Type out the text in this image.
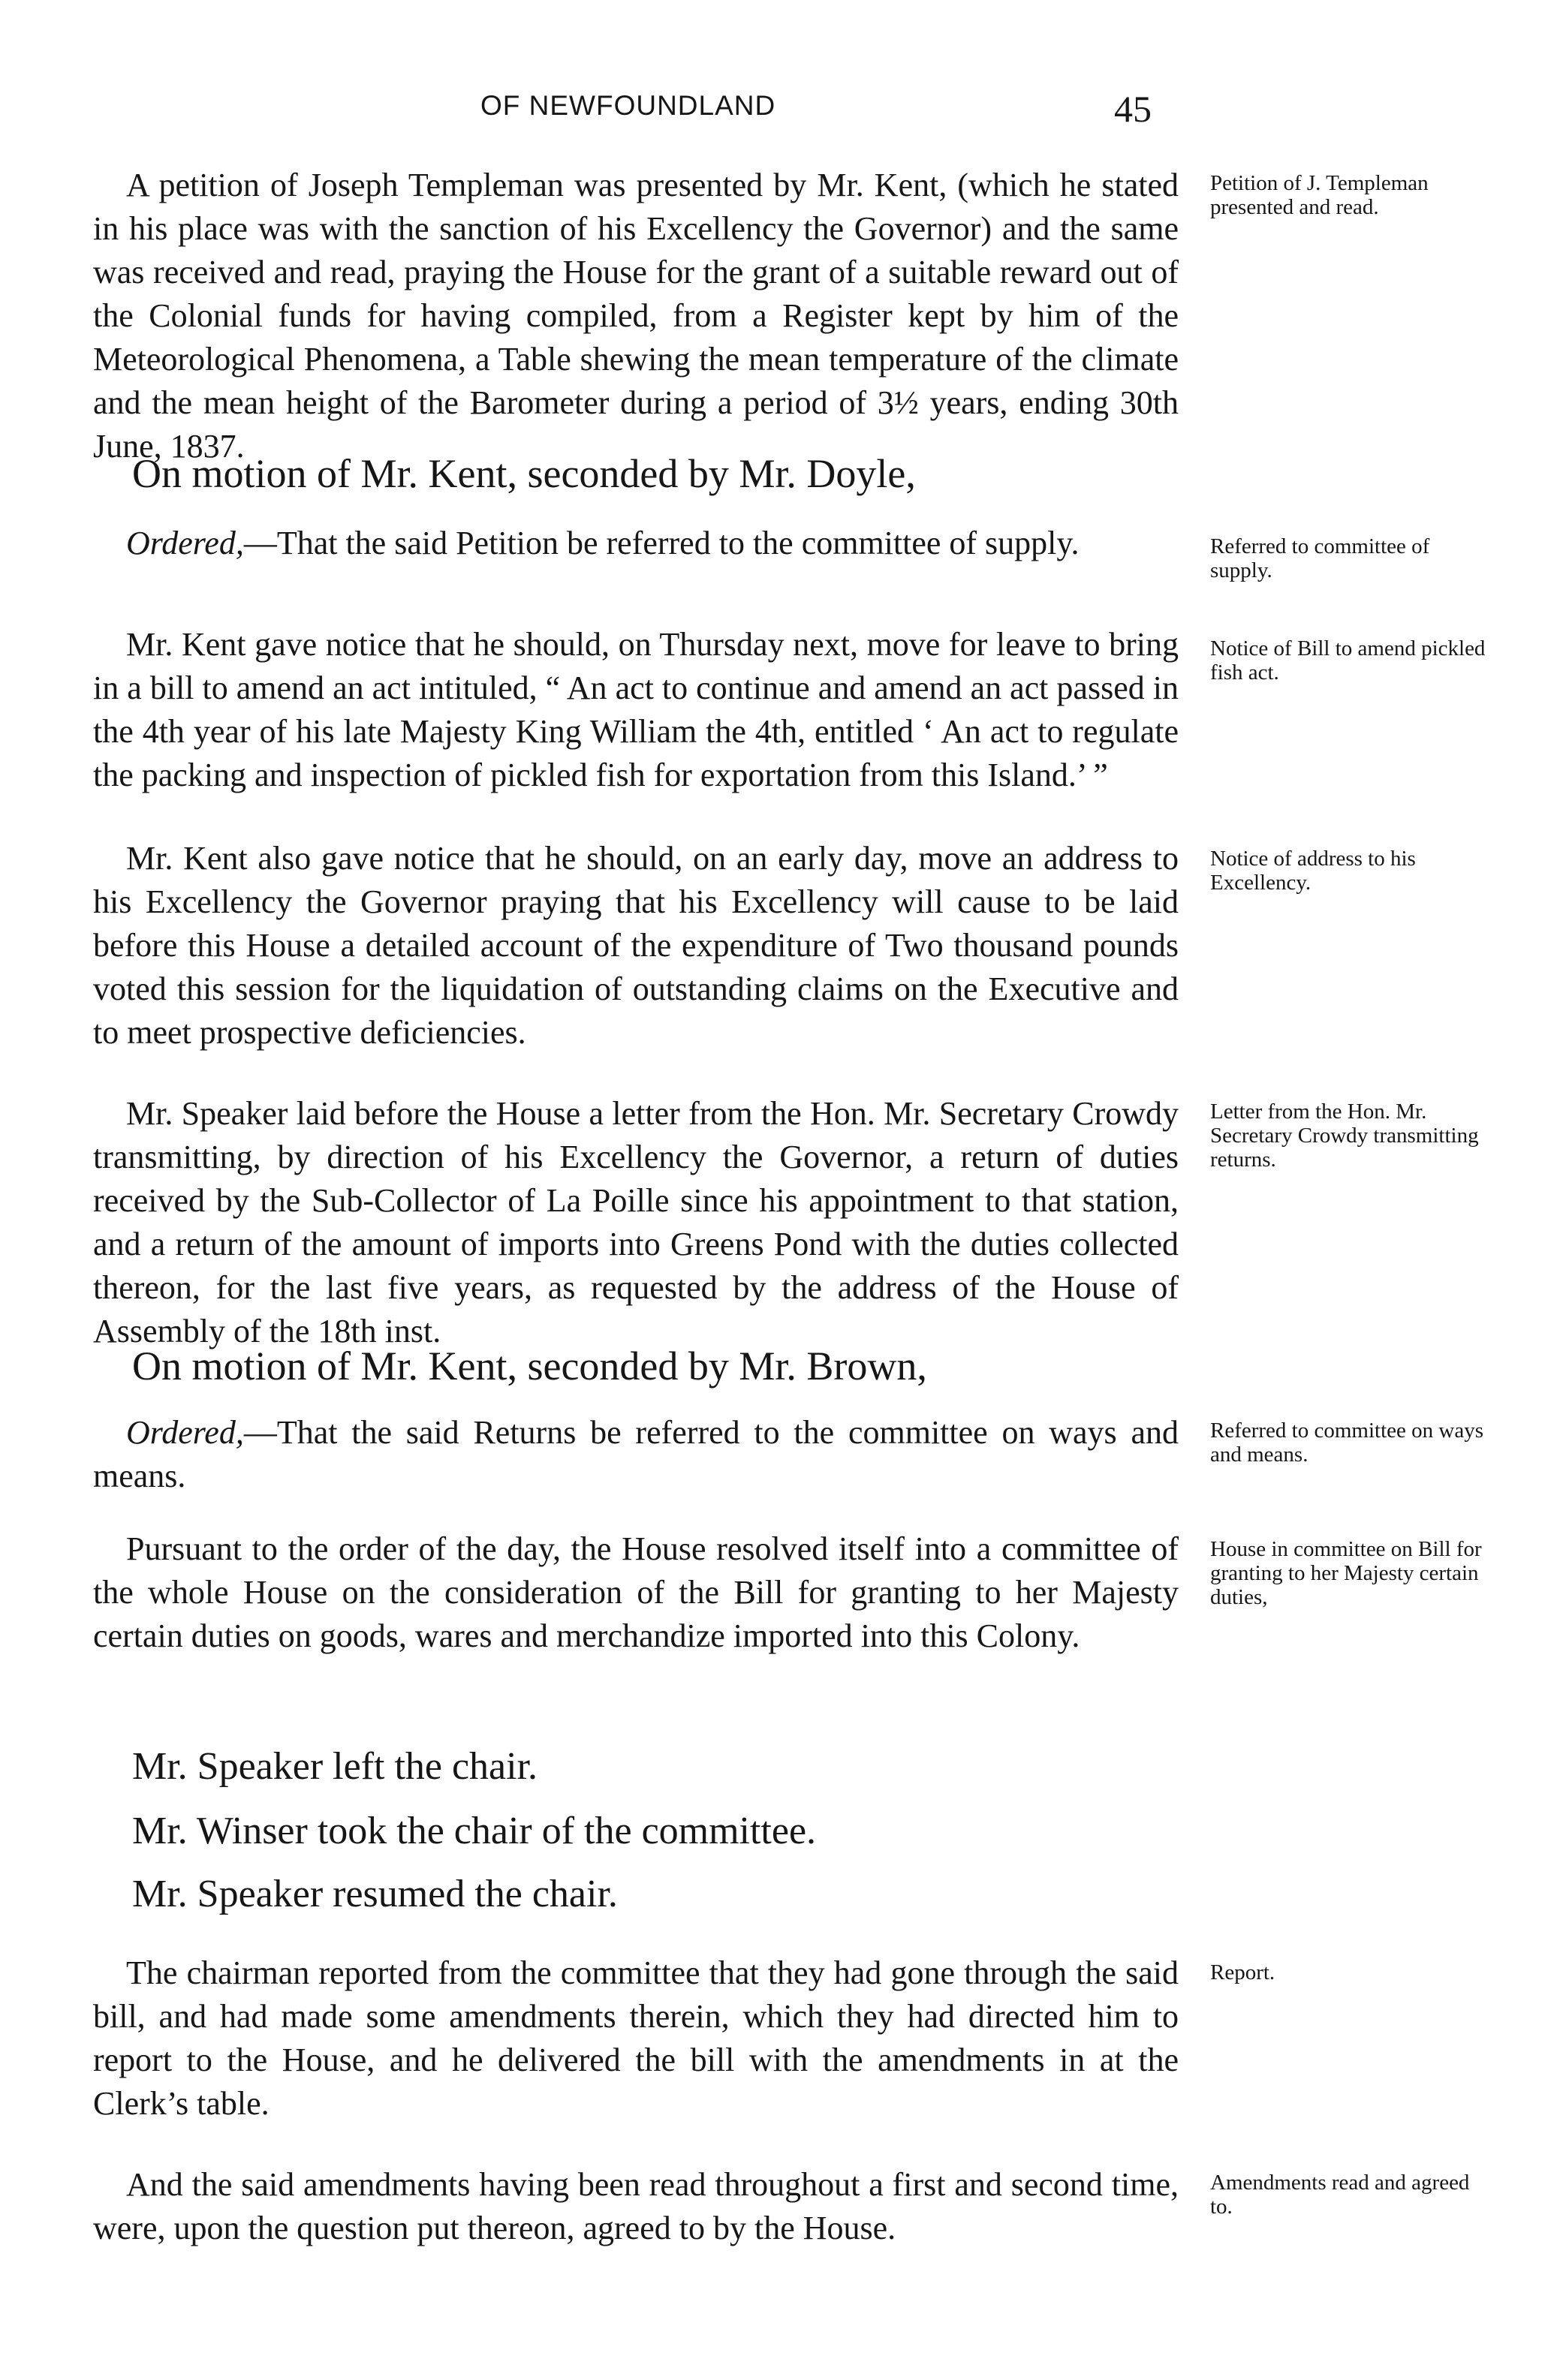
OF NEWFOUNDLAND	45

A petition of Joseph Templeman was presented by Mr. Kent, (which he stated in his place was with the sanction of his Excellency the Governor) and the same was received and read, praying the House for the grant of a suitable reward out of the Colonial funds for having compiled, from a Register kept by him of the Meteorological Phenomena, a Table shewing the mean temperature of the climate and the mean height of the Barometer during a period of 3½ years, ending 30th June, 1837.

Petition of J. Templeman presented and read.

On motion of Mr. Kent, seconded by Mr. Doyle,

Ordered,—That the said Petition be referred to the committee of supply.	Referred to committee of supply.

Mr. Kent gave notice that he should, on Thursday next, move for leave to bring in a bill to amend an act intituled, “ An act to continue and amend an act passed in the 4th year of his late Majesty King William the 4th, entitled ‘ An act to regulate the packing and inspection of pickled fish for exportation from this Island.’ ”

Notice of Bill to amend pickled fish act.

Mr. Kent also gave notice that he should, on an early day, move an address to his Excellency the Governor praying that his Excellency will cause to be laid before this House a detailed account of the expenditure of Two thousand pounds voted this session for the liquidation of outstanding claims on the Executive and to meet prospective deficiencies.

Notice of address to his Excellency.

Mr. Speaker laid before the House a letter from the Hon. Mr. Secretary Crowdy transmitting, by direction of his Excellency the Governor, a return of duties received by the Sub-Collector of La Poille since his appointment to that station, and a return of the amount of imports into Greens Pond with the duties collected thereon, for the last five years, as requested by the address of the House of Assembly of the 18th inst.

Letter from the Hon. Mr. Secretary Crowdy transmitting returns.

On motion of Mr. Kent, seconded by Mr. Brown,

Ordered,—That the said Returns be referred to the committee on ways and means.

Referred to committee on ways and means.

Pursuant to the order of the day, the House resolved itself into a committee of the whole House on the consideration of the Bill for granting to her Majesty certain duties on goods, wares and merchandize imported into this Colony.

House in committee on Bill for granting to her Majesty certain duties,

Mr. Speaker left the chair.

Mr. Winser took the chair of the committee.

Mr. Speaker resumed the chair.

The chairman reported from the committee that they had gone through the said bill, and had made some amendments therein, which they had directed him to report to the House, and he delivered the bill with the amendments in at the Clerk’s table.

Report.

And the said amendments having been read throughout a first and second time, were, upon the question put thereon, agreed to by the House.

Amendments read and agreed to.
